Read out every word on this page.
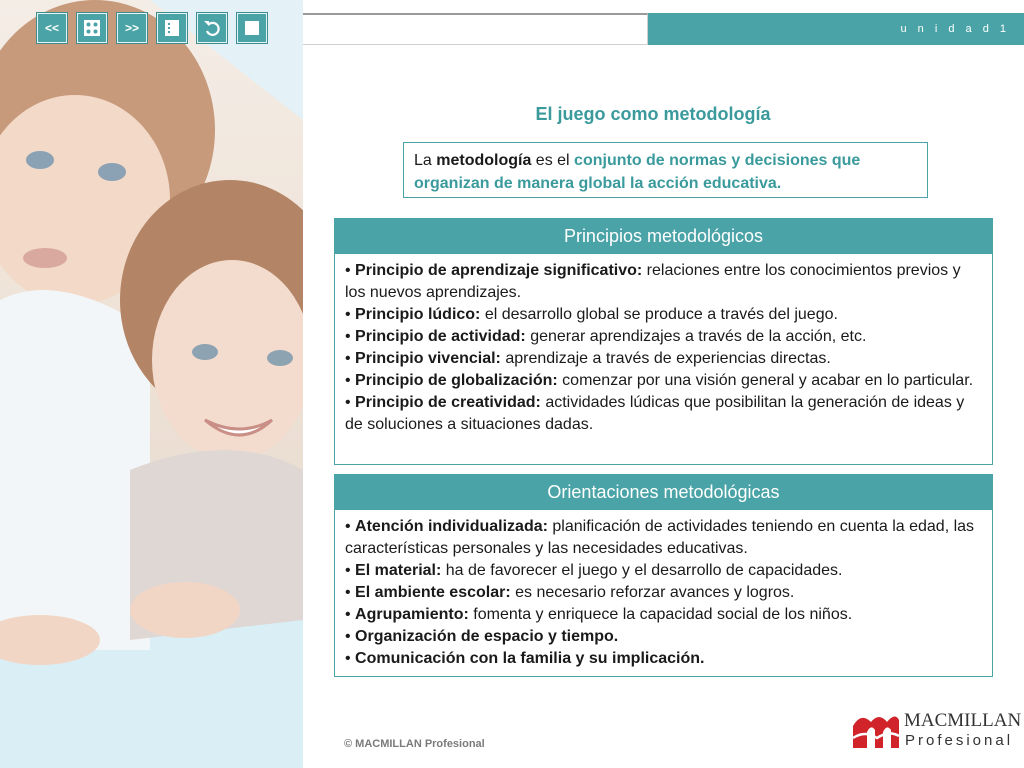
<<	>>	u n i d a d 1
El juego como metodología
La metodología es el conjunto de normas y decisiones que organizan de manera global la acción educativa.
Principios metodológicos

• Principio de aprendizaje significativo: relaciones entre los conocimientos previos y los nuevos aprendizajes.

• Principio lúdico: el desarrollo global se produce a través del juego.

• Principio de actividad: generar aprendizajes a través de la acción, etc.

• Principio vivencial: aprendizaje a través de experiencias directas.

• Principio de globalización: comenzar por una visión general y acabar en lo particular.

• Principio de creatividad: actividades lúdicas que posibilitan la generación de ideas y de soluciones a situaciones dadas.

Orientaciones metodológicas

• Atención individualizada: planificación de actividades teniendo en cuenta la edad, las características personales y las necesidades educativas.

• El material: ha de favorecer el juego y el desarrollo de capacidades.

• El ambiente escolar: es necesario reforzar avances y logros.

• Agrupamiento: fomenta y enriquece la capacidad social de los niños.

• Organización de espacio y tiempo.

• Comunicación con la familia y su implicación.

© MACMILLAN Profesional
MACMILLAN
Profesional
